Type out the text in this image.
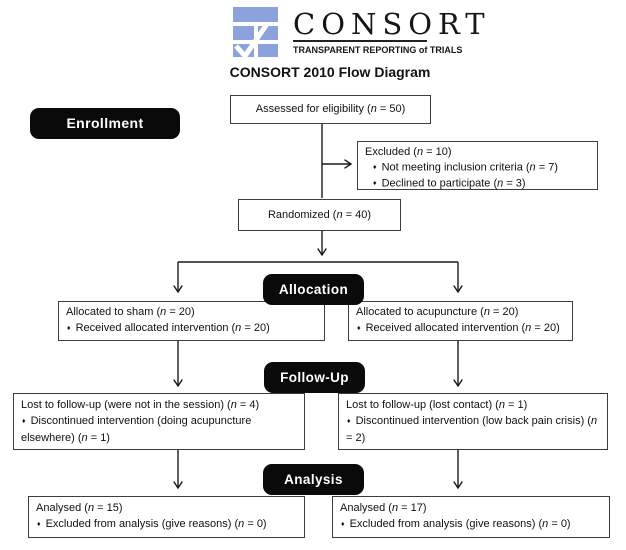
CONSORT
TRANSPARENT REPORTING of TRIALS
CONSORT 2010 Flow Diagram
Assessed for eligibility (n = 50)
Enrollment
Excluded (n = 10)
♦ Not meeting inclusion criteria (n = 7)
♦ Declined to participate (n = 3)
Randomized (n = 40)
Allocation
Allocated to sham (n = 20)
♦ Received allocated intervention (n = 20)
Allocated to acupuncture (n = 20)
♦ Received allocated intervention (n = 20)
Follow-Up
Lost to follow-up (were not in the session) (n = 4)
♦ Discontinued intervention (doing acupuncture elsewhere) (n = 1)
Lost to follow-up (lost contact) (n = 1)
♦ Discontinued intervention (low back pain crisis) (n = 2)
Analysis
Analysed (n = 15)
♦ Excluded from analysis (give reasons) (n = 0)
Analysed (n = 17)
♦ Excluded from analysis (give reasons) (n = 0)
